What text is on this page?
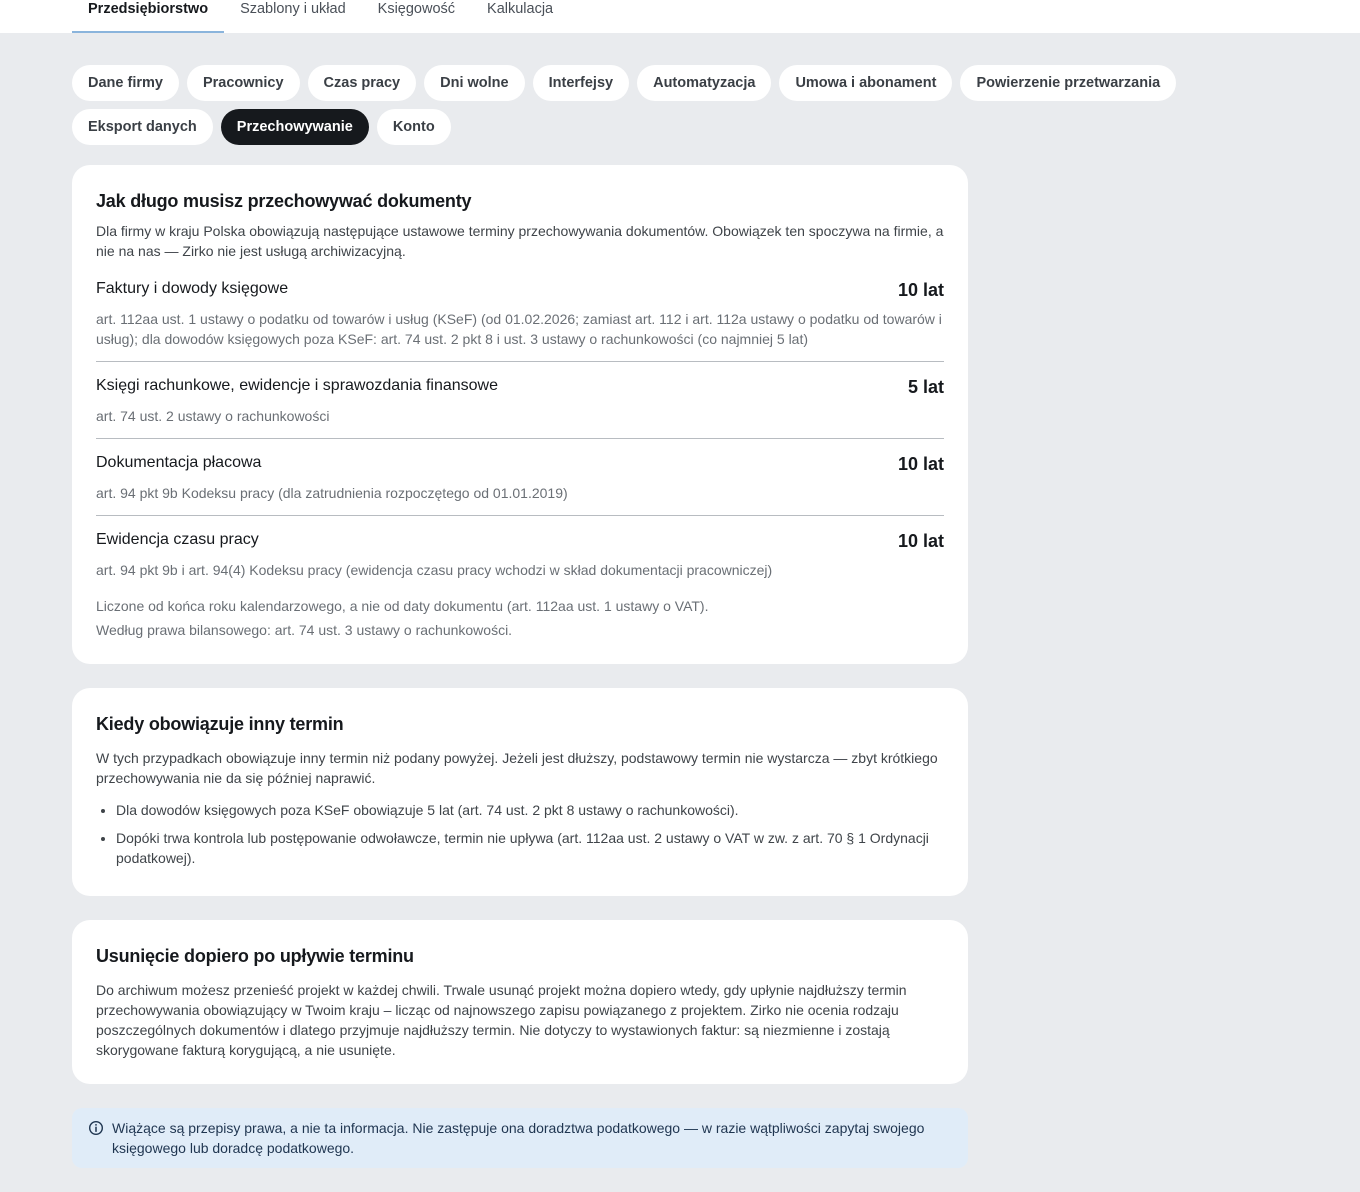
Przedsiębiorstwo	Szablony i układ	Księgowość	Kalkulacja
Dane firmy	Pracownicy	Czas pracy	Dni wolne	Interfejsy	Automatyzacja	Umowa i abonament	Powierzenie przetwarzania
Eksport danych	Przechowywanie	Konto
Jak długo musisz przechowywać dokumenty

Dla firmy w kraju Polska obowiązują następujące ustawowe terminy przechowywania dokumentów. Obowiązek ten spoczywa na firmie, a nie na nas — Zirko nie jest usługą archiwizacyjną.

Faktury i dowody księgowe	10 lat

art. 112aa ust. 1 ustawy o podatku od towarów i usług (KSeF) (od 01.02.2026; zamiast art. 112 i art. 112a ustawy o podatku od towarów i usług); dla dowodów księgowych poza KSeF: art. 74 ust. 2 pkt 8 i ust. 3 ustawy o rachunkowości (co najmniej 5 lat)

Księgi rachunkowe, ewidencje i sprawozdania finansowe	5 lat

art. 74 ust. 2 ustawy o rachunkowości

Dokumentacja płacowa	10 lat

art. 94 pkt 9b Kodeksu pracy (dla zatrudnienia rozpoczętego od 01.01.2019)

Ewidencja czasu pracy	10 lat

art. 94 pkt 9b i art. 94(4) Kodeksu pracy (ewidencja czasu pracy wchodzi w skład dokumentacji pracowniczej)

Liczone od końca roku kalendarzowego, a nie od daty dokumentu (art. 112aa ust. 1 ustawy o VAT).

Według prawa bilansowego: art. 74 ust. 3 ustawy o rachunkowości.

Kiedy obowiązuje inny termin

W tych przypadkach obowiązuje inny termin niż podany powyżej. Jeżeli jest dłuższy, podstawowy termin nie wystarcza — zbyt krótkiego przechowywania nie da się później naprawić.

• Dla dowodów księgowych poza KSeF obowiązuje 5 lat (art. 74 ust. 2 pkt 8 ustawy o rachunkowości).
• Dopóki trwa kontrola lub postępowanie odwoławcze, termin nie upływa (art. 112aa ust. 2 ustawy o VAT w zw. z art. 70 § 1 Ordynacji podatkowej).
Usunięcie dopiero po upływie terminu

Do archiwum możesz przenieść projekt w każdej chwili. Trwale usunąć projekt można dopiero wtedy, gdy upłynie najdłuższy termin przechowywania obowiązujący w Twoim kraju – licząc od najnowszego zapisu powiązanego z projektem. Zirko nie ocenia rodzaju poszczególnych dokumentów i dlatego przyjmuje najdłuższy termin. Nie dotyczy to wystawionych faktur: są niezmienne i zostają skorygowane fakturą korygującą, a nie usunięte.

Wiążące są przepisy prawa, a nie ta informacja. Nie zastępuje ona doradztwa podatkowego — w razie wątpliwości zapytaj swojego księgowego lub doradcę podatkowego.
